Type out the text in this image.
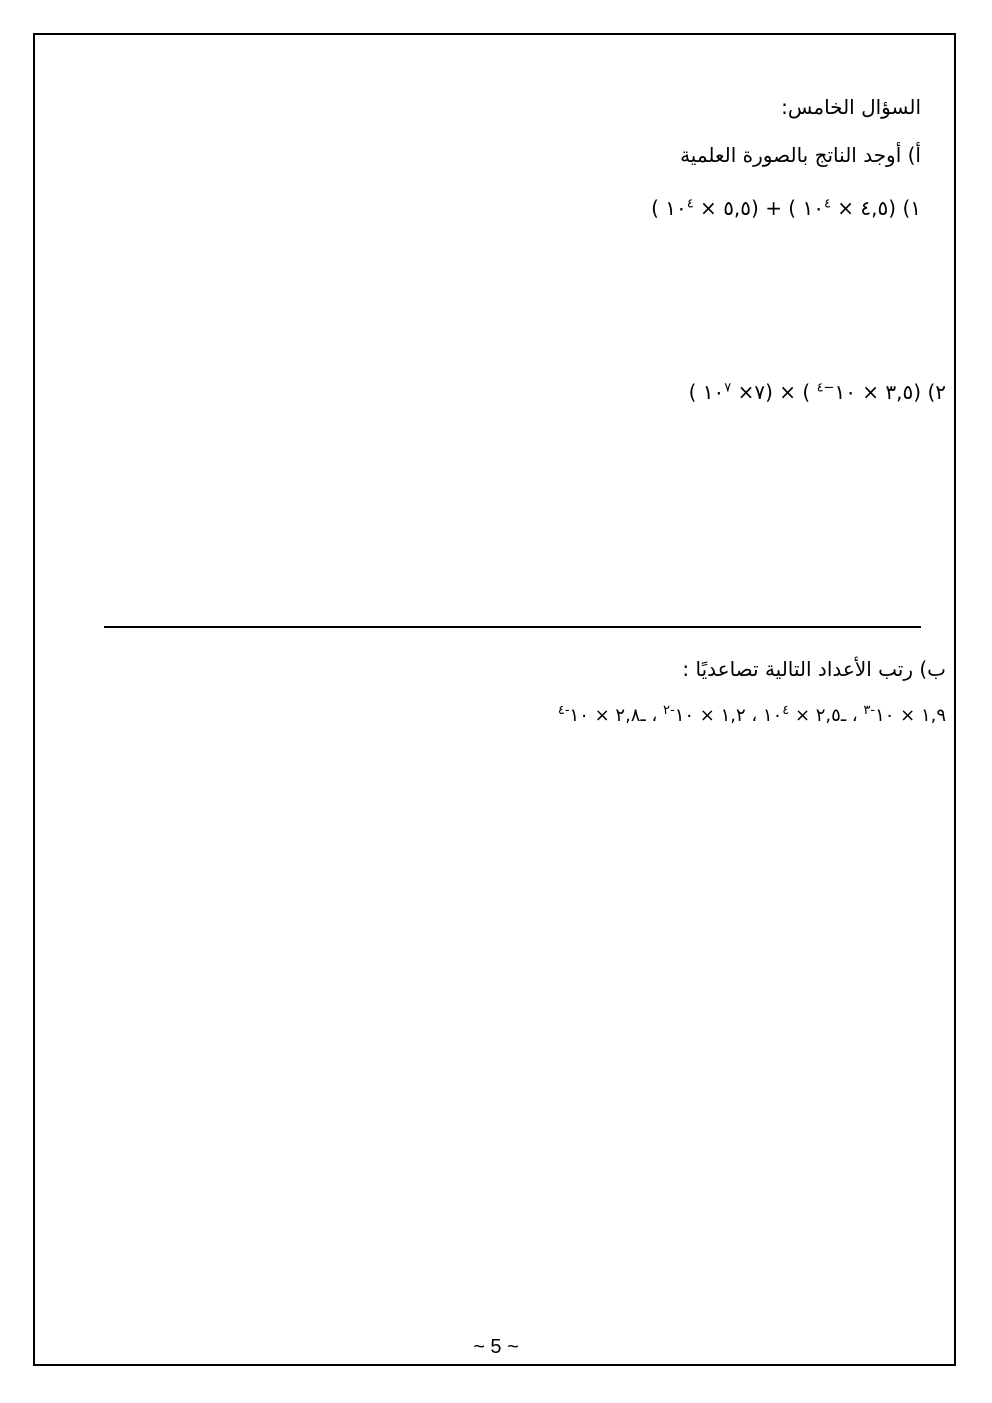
السؤال الخامس:
أ) أوجد الناتج بالصورة العلمية
١) (٤,٥ × $١٠^٤$ ) + (٥,٥ × $١٠^٤$ )
٢) (٣,٥ × $١٠^{-٤}$ ) × (٧× $١٠^٧$ )
ب) رتب الأعداد التالية تصاعديًا :
١,٩ × $١٠^{-٣}$ ، ـ٢,٥ × $١٠^٤$ ، ١,٢ × $١٠^{-٢}$ ، ـ٢,٨ × $١٠^{-٤}$
~ 5 ~
